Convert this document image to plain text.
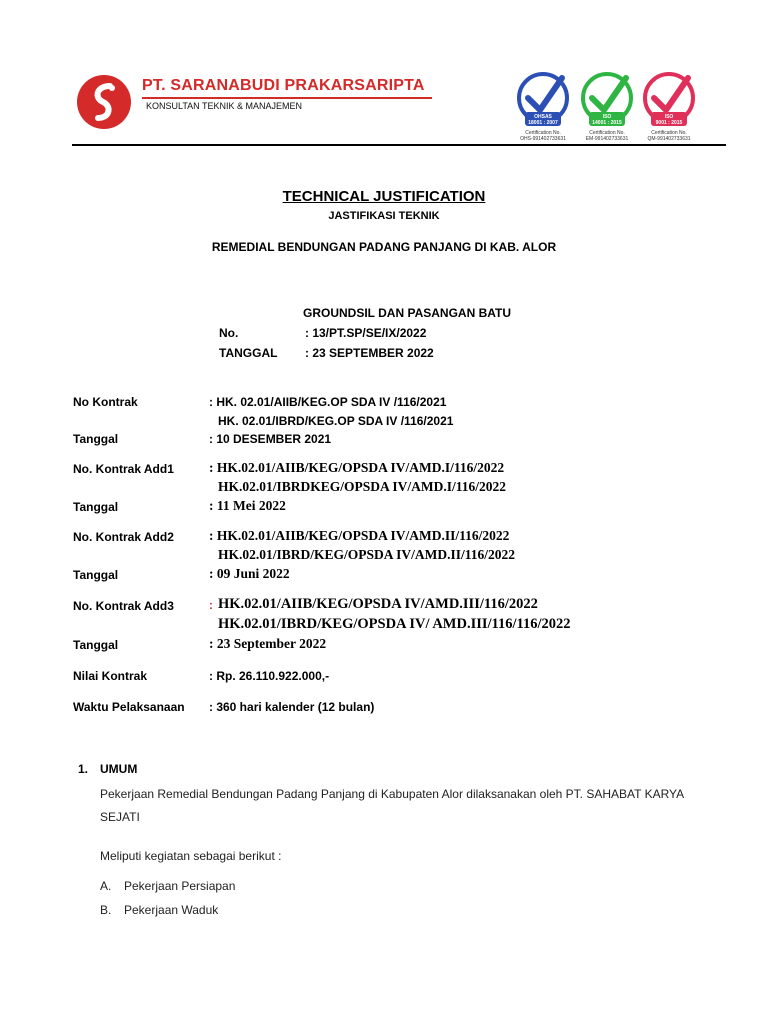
PT. SARANABUDI PRAKARSARIPTA
KONSULTAN TEKNIK & MANAJEMEN
OHSAS
18001 : 2007
Certification No.
OHS-991402733631
ISO
14001 : 2015
Certification No.
EM-991402733631
ISO
9001 : 2015
Certification No.
QM-991402733631
TECHNICAL JUSTIFICATION
JASTIFIKASI TEKNIK
REMEDIAL BENDUNGAN PADANG PANJANG DI KAB. ALOR
GROUNDSIL DAN PASANGAN BATU
No.	: 13/PT.SP/SE/IX/2022
TANGGAL : 23 SEPTEMBER 2022
No Kontrak	: HK. 02.01/AIIB/KEG.OP SDA IV /116/2021
HK. 02.01/IBRD/KEG.OP SDA IV /116/2021
Tanggal	: 10 DESEMBER 2021
No. Kontrak Add1	: HK.02.01/AIIB/KEG/OPSDA IV/AMD.I/116/2022
HK.02.01/IBRDKEG/OPSDA IV/AMD.I/116/2022
Tanggal	: 11 Mei 2022
No. Kontrak Add2	: HK.02.01/AIIB/KEG/OPSDA IV/AMD.II/116/2022
HK.02.01/IBRD/KEG/OPSDA IV/AMD.II/116/2022
Tanggal	: 09 Juni 2022
No. Kontrak Add3	: HK.02.01/AIIB/KEG/OPSDA IV/AMD.III/116/2022
HK.02.01/IBRD/KEG/OPSDA IV/ AMD.III/116/116/2022
Tanggal	: 23 September 2022
Nilai Kontrak	: Rp. 26.110.922.000,-
Waktu Pelaksanaan : 360 hari kalender (12 bulan)
1. UMUM
Pekerjaan Remedial Bendungan Padang Panjang di Kabupaten Alor dilaksanakan oleh PT. SAHABAT KARYA
SEJATI
Meliputi kegiatan sebagai berikut :
A. Pekerjaan Persiapan
B. Pekerjaan Waduk
